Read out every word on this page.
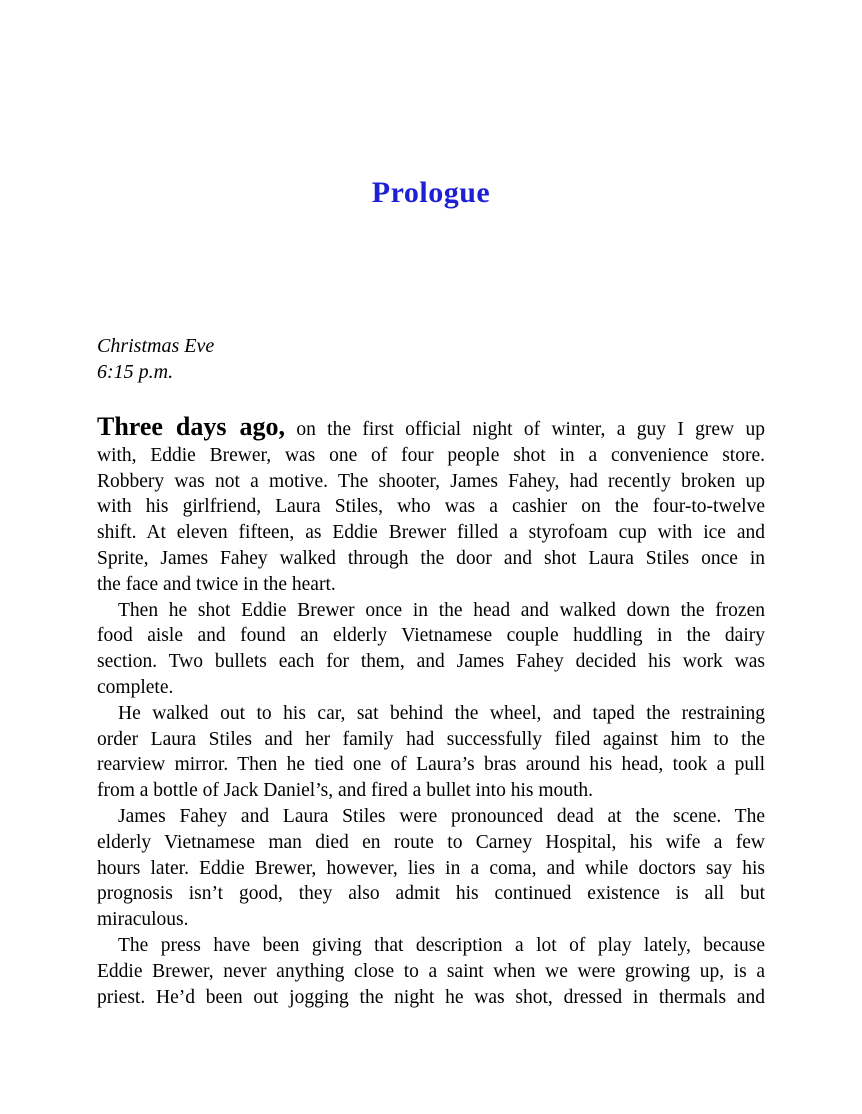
Prologue
Christmas Eve
6:15 p.m.
Three days ago, on the first official night of winter, a guy I grew up
with, Eddie Brewer, was one of four people shot in a convenience store.
Robbery was not a motive. The shooter, James Fahey, had recently broken up
with his girlfriend, Laura Stiles, who was a cashier on the four-to-twelve
shift. At eleven fifteen, as Eddie Brewer filled a styrofoam cup with ice and
Sprite, James Fahey walked through the door and shot Laura Stiles once in
the face and twice in the heart.
Then he shot Eddie Brewer once in the head and walked down the frozen
food aisle and found an elderly Vietnamese couple huddling in the dairy
section. Two bullets each for them, and James Fahey decided his work was
complete.
He walked out to his car, sat behind the wheel, and taped the restraining
order Laura Stiles and her family had successfully filed against him to the
rearview mirror. Then he tied one of Laura’s bras around his head, took a pull
from a bottle of Jack Daniel’s, and fired a bullet into his mouth.
James Fahey and Laura Stiles were pronounced dead at the scene. The
elderly Vietnamese man died en route to Carney Hospital, his wife a few
hours later. Eddie Brewer, however, lies in a coma, and while doctors say his
prognosis isn’t good, they also admit his continued existence is all but
miraculous.
The press have been giving that description a lot of play lately, because
Eddie Brewer, never anything close to a saint when we were growing up, is a
priest. He’d been out jogging the night he was shot, dressed in thermals and
